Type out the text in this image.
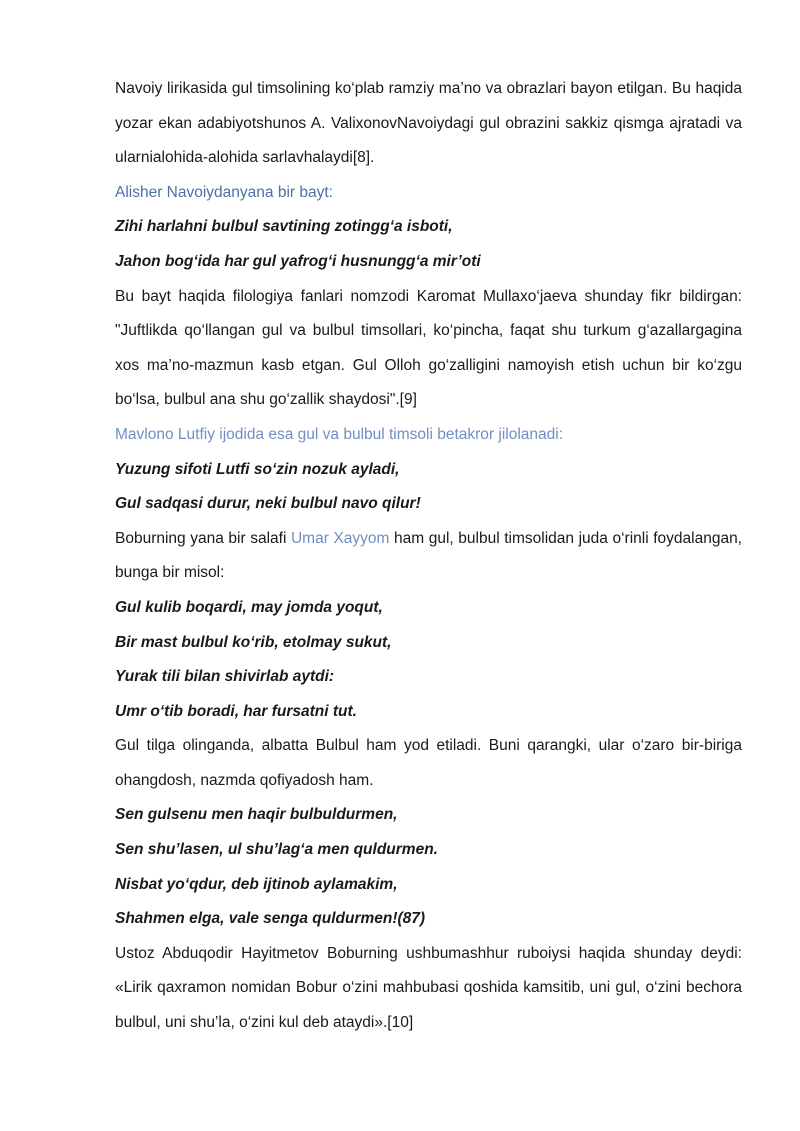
Navoiy lirikasida gul timsolining ko‘plab ramziy ma’no va obrazlari bayon etilgan. Bu haqida yozar ekan adabiyotshunos A. ValixonovNavoiydagi gul obrazini sakkiz qismga ajratadi va ularnialohida-alohida sarlavhalaydi[8].

Alisher Navoiydanyana bir bayt:

Zihi harlahni bulbul savtining zotingg‘a isboti,

Jahon bog‘ida har gul yafrog‘i husnungg‘a mir’oti

Bu bayt haqida filologiya fanlari nomzodi Karomat Mullaxo‘jaeva shunday fikr bildirgan: "Juftlikda qo‘llangan gul va bulbul timsollari, ko‘pincha, faqat shu turkum g‘azallargagina xos ma’no-mazmun kasb etgan. Gul Olloh go‘zalligini namoyish etish uchun bir ko‘zgu bo‘lsa, bulbul ana shu go‘zallik shaydosi".[9]

Mavlono Lutfiy ijodida esa gul va bulbul timsoli betakror jilolanadi:

Yuzung sifoti Lutfi so‘zin nozuk ayladi,

Gul sadqasi durur, neki bulbul navo qilur!

Boburning yana bir salafi Umar Xayyom ham gul, bulbul timsolidan juda o‘rinli foydalangan, bunga bir misol:

Gul kulib boqardi, may jomda yoqut,

Bir mast bulbul ko‘rib, etolmay sukut,

Yurak tili bilan shivirlab aytdi:

Umr o‘tib boradi, har fursatni tut.

Gul tilga olinganda, albatta Bulbul ham yod etiladi. Buni qarangki, ular o‘zaro bir-biriga ohangdosh, nazmda qofiyadosh ham.

Sen gulsenu men haqir bulbuldurmen,

Sen shu’lasen, ul shu’lag‘a men quldurmen.

Nisbat yo‘qdur, deb ijtinob aylamakim,

Shahmen elga, vale senga quldurmen!(87)

Ustoz Abduqodir Hayitmetov Boburning ushbumashhur ruboiysi haqida shunday deydi: «Lirik qaxramon nomidan Bobur o‘zini mahbubasi qoshida kamsitib, uni gul, o‘zini bechora bulbul, uni shu’la, o‘zini kul deb ataydi».[10]
